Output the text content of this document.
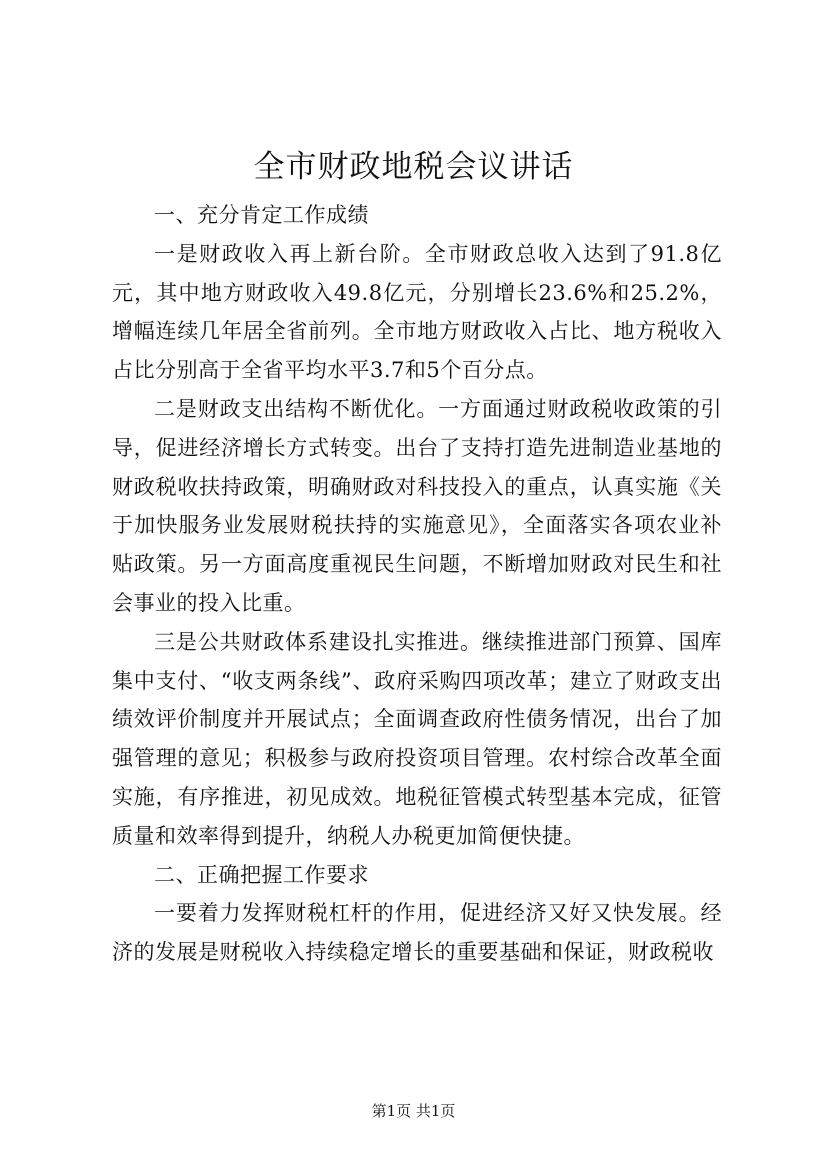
全市财政地税会议讲话

一、充分肯定工作成绩

一是财政收入再上新台阶。全市财政总收入达到了91.8亿元，其中地方财政收入49.8亿元，分别增长23.6%和25.2%，增幅连续几年居全省前列。全市地方财政收入占比、地方税收入占比分别高于全省平均水平3.7和5个百分点。

二是财政支出结构不断优化。一方面通过财政税收政策的引导，促进经济增长方式转变。出台了支持打造先进制造业基地的财政税收扶持政策，明确财政对科技投入的重点，认真实施《关于加快服务业发展财税扶持的实施意见》，全面落实各项农业补贴政策。另一方面高度重视民生问题，不断增加财政对民生和社会事业的投入比重。

三是公共财政体系建设扎实推进。继续推进部门预算、国库集中支付、“收支两条线”、政府采购四项改革；建立了财政支出绩效评价制度并开展试点；全面调查政府性债务情况，出台了加强管理的意见；积极参与政府投资项目管理。农村综合改革全面实施，有序推进，初见成效。地税征管模式转型基本完成，征管质量和效率得到提升，纳税人办税更加简便快捷。

二、正确把握工作要求

一要着力发挥财税杠杆的作用，促进经济又好又快发展。经济的发展是财税收入持续稳定增长的重要基础和保证，财政税收

第1页 共1页
